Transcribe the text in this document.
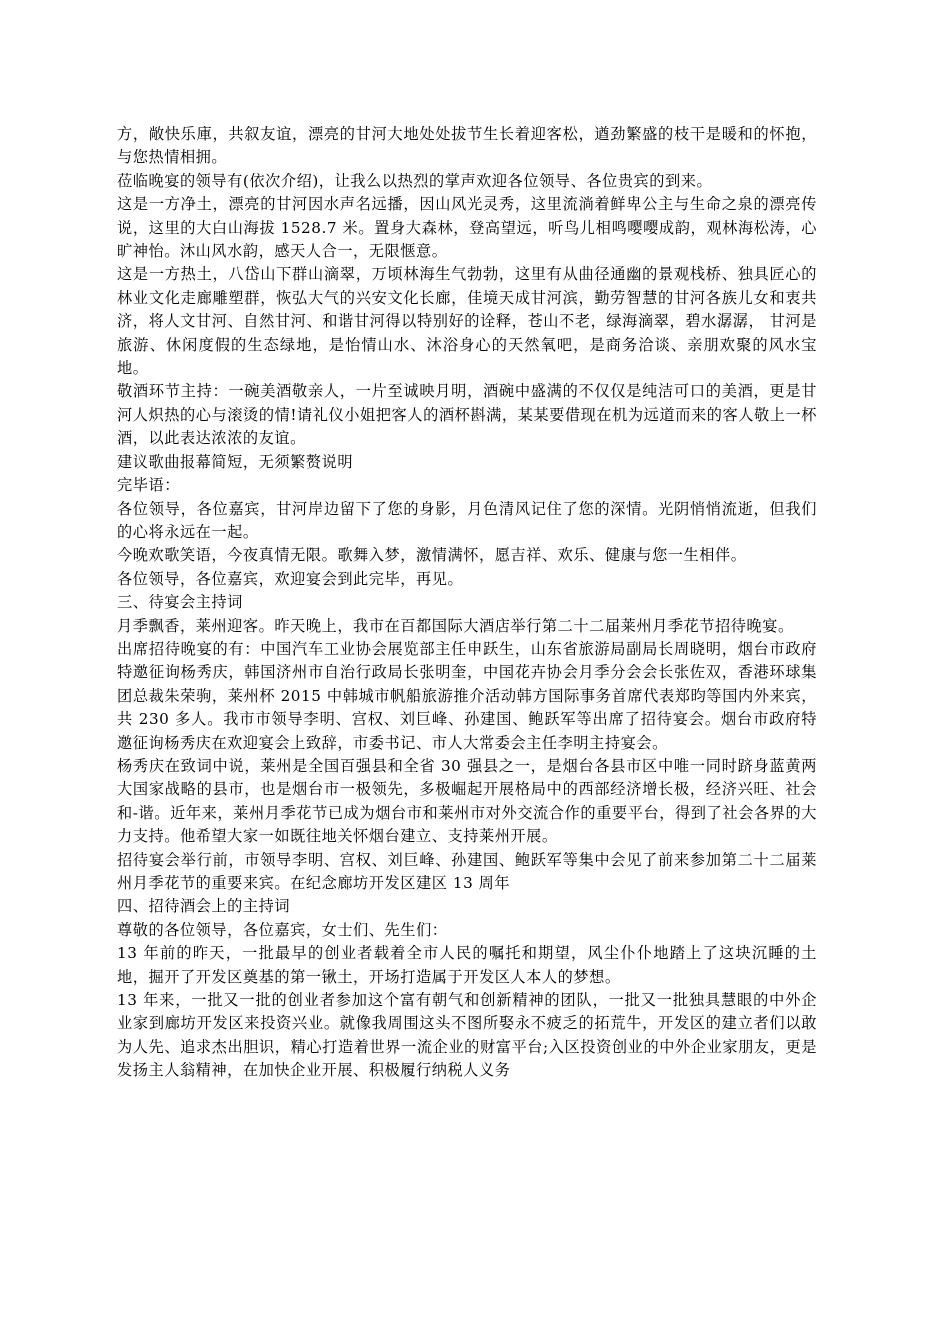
方，敞快乐庫，共叙友谊，漂亮的甘河大地处处拔节生长着迎客松，遒劲繁盛的枝干是暖和的怀抱，与您热情相拥。

莅临晚宴的领导有(依次介绍)，让我么以热烈的掌声欢迎各位领导、各位贵宾的到来。

这是一方净土，漂亮的甘河因水声名远播，因山风光灵秀，这里流淌着鲜卑公主与生命之泉的漂亮传说，这里的大白山海拔 1528.7 米。置身大森林，登高望远，听鸟儿相鸣嘤嘤成韵，观林海松涛，心旷神怡。沐山风水韵，感天人合一，无限惬意。

这是一方热土，八岱山下群山滴翠，万顷林海生气勃勃，这里有从曲径通幽的景观栈桥、独具匠心的林业文化走廊雕塑群，恢弘大气的兴安文化长廊，佳境天成甘河滨，勤劳智慧的甘河各族儿女和衷共济，将人文甘河、自然甘河、和谐甘河得以特别好的诠释，苍山不老，绿海滴翠，碧水潺潺， 甘河是旅游、休闲度假的生态绿地，是怡情山水、沐浴身心的天然氧吧，是商务洽谈、亲朋欢聚的风水宝地。

敬酒环节主持：一碗美酒敬亲人，一片至诚映月明，酒碗中盛满的不仅仅是纯洁可口的美酒，更是甘河人炽热的心与滚烫的情!请礼仪小姐把客人的酒杯斟满，某某要借现在机为远道而来的客人敬上一杯酒，以此表达浓浓的友谊。

建议歌曲报幕简短，无须繁赘说明

完毕语：

各位领导，各位嘉宾，甘河岸边留下了您的身影，月色清风记住了您的深情。光阴悄悄流逝，但我们的心将永远在一起。

今晚欢歌笑语，今夜真情无限。歌舞入梦，激情满怀，愿吉祥、欢乐、健康与您一生相伴。

各位领导，各位嘉宾，欢迎宴会到此完毕，再见。

三、待宴会主持词

月季飘香，莱州迎客。昨天晚上，我市在百都国际大酒店举行第二十二届莱州月季花节招待晚宴。

出席招待晚宴的有：中国汽车工业协会展览部主任申跃生，山东省旅游局副局长周晓明，烟台市政府特邀征询杨秀庆，韩国济州市自治行政局长张明奎，中国花卉协会月季分会会长张佐双，香港环球集团总裁朱荣驹，莱州杯 2015 中韩城市帆船旅游推介活动韩方国际事务首席代表郑昀等国内外来宾，共 230 多人。我市市领导李明、宫权、刘巨峰、孙建国、鲍跃军等出席了招待宴会。烟台市政府特邀征询杨秀庆在欢迎宴会上致辞，市委书记、市人大常委会主任李明主持宴会。

杨秀庆在致词中说，莱州是全国百强县和全省 30 强县之一，是烟台各县市区中唯一同时跻身蓝黄两大国家战略的县市，也是烟台市一极领先，多极崛起开展格局中的西部经济增长极，经济兴旺、社会和-谐。近年来，莱州月季花节已成为烟台市和莱州市对外交流合作的重要平台，得到了社会各界的大力支持。他希望大家一如既往地关怀烟台建立、支持莱州开展。

招待宴会举行前，市领导李明、宫权、刘巨峰、孙建国、鲍跃军等集中会见了前来参加第二十二届莱州月季花节的重要来宾。在纪念廊坊开发区建区 13 周年

四、招待酒会上的主持词

尊敬的各位领导，各位嘉宾，女士们、先生们：

13 年前的昨天，一批最早的创业者载着全市人民的嘱托和期望，风尘仆仆地踏上了这块沉睡的土地，掘开了开发区奠基的第一锹土，开场打造属于开发区人本人的梦想。

13 年来，一批又一批的创业者参加这个富有朝气和创新精神的团队，一批又一批独具慧眼的中外企业家到廊坊开发区来投资兴业。就像我周围这头不图所娶永不疲乏的拓荒牛，开发区的建立者们以敢为人先、追求杰出胆识，精心打造着世界一流企业的财富平台;入区投资创业的中外企业家朋友，更是发扬主人翁精神，在加快企业开展、积极履行纳税人义务
